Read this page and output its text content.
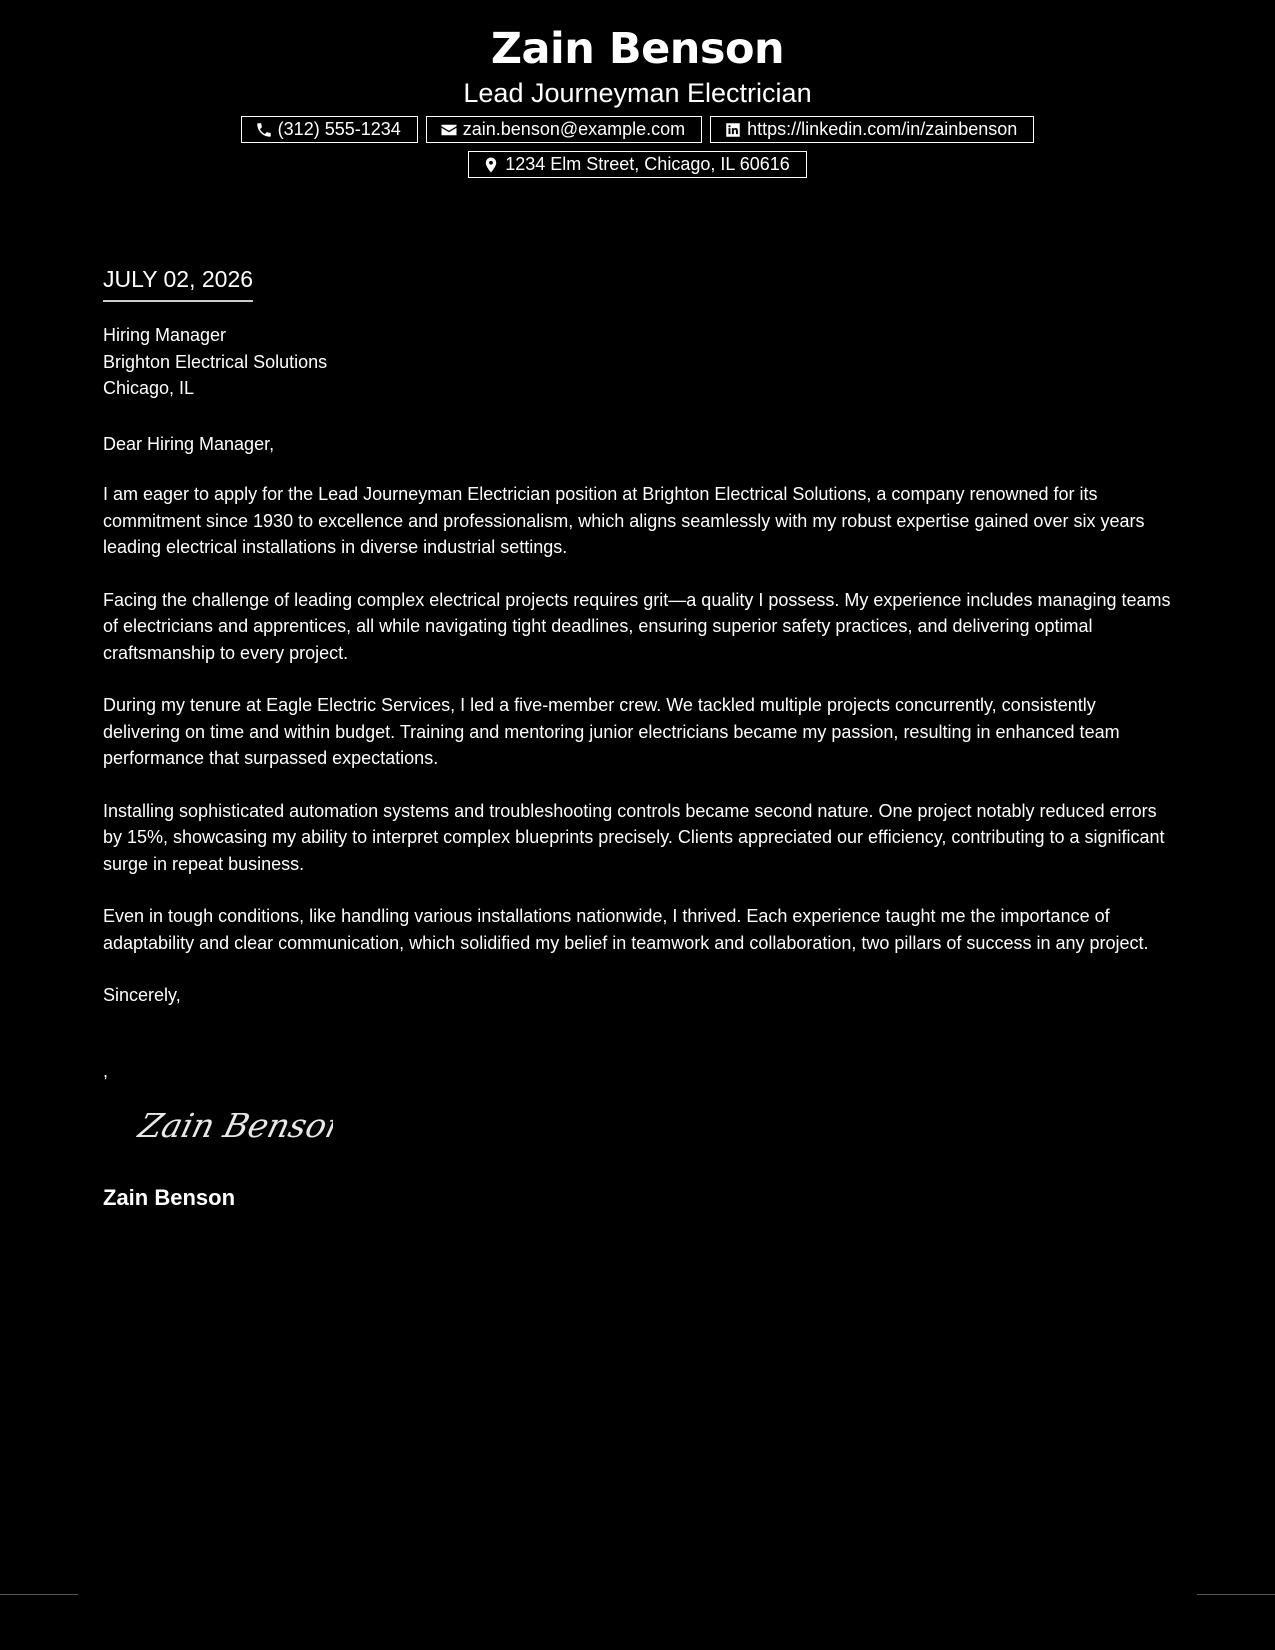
Zain Benson
Lead Journeyman Electrician
(312) 555-1234	zain.benson@example.com	https://linkedin.com/in/zainbenson
1234 Elm Street, Chicago, IL 60616
JULY 02, 2026
Hiring Manager
Brighton Electrical Solutions
Chicago, IL

Dear Hiring Manager,

I am eager to apply for the Lead Journeyman Electrician position at Brighton Electrical Solutions, a company renowned for its commitment since 1930 to excellence and professionalism, which aligns seamlessly with my robust expertise gained over six years leading electrical installations in diverse industrial settings.

Facing the challenge of leading complex electrical projects requires grit—a quality I possess. My experience includes managing teams of electricians and apprentices, all while navigating tight deadlines, ensuring superior safety practices, and delivering optimal craftsmanship to every project.

During my tenure at Eagle Electric Services, I led a five-member crew. We tackled multiple projects concurrently, consistently delivering on time and within budget. Training and mentoring junior electricians became my passion, resulting in enhanced team performance that surpassed expectations.

Installing sophisticated automation systems and troubleshooting controls became second nature. One project notably reduced errors by 15%, showcasing my ability to interpret complex blueprints precisely. Clients appreciated our efficiency, contributing to a significant surge in repeat business.

Even in tough conditions, like handling various installations nationwide, I thrived. Each experience taught me the importance of adaptability and clear communication, which solidified my belief in teamwork and collaboration, two pillars of success in any project.

Sincerely,

,
Zain Benson
Zain Benson
